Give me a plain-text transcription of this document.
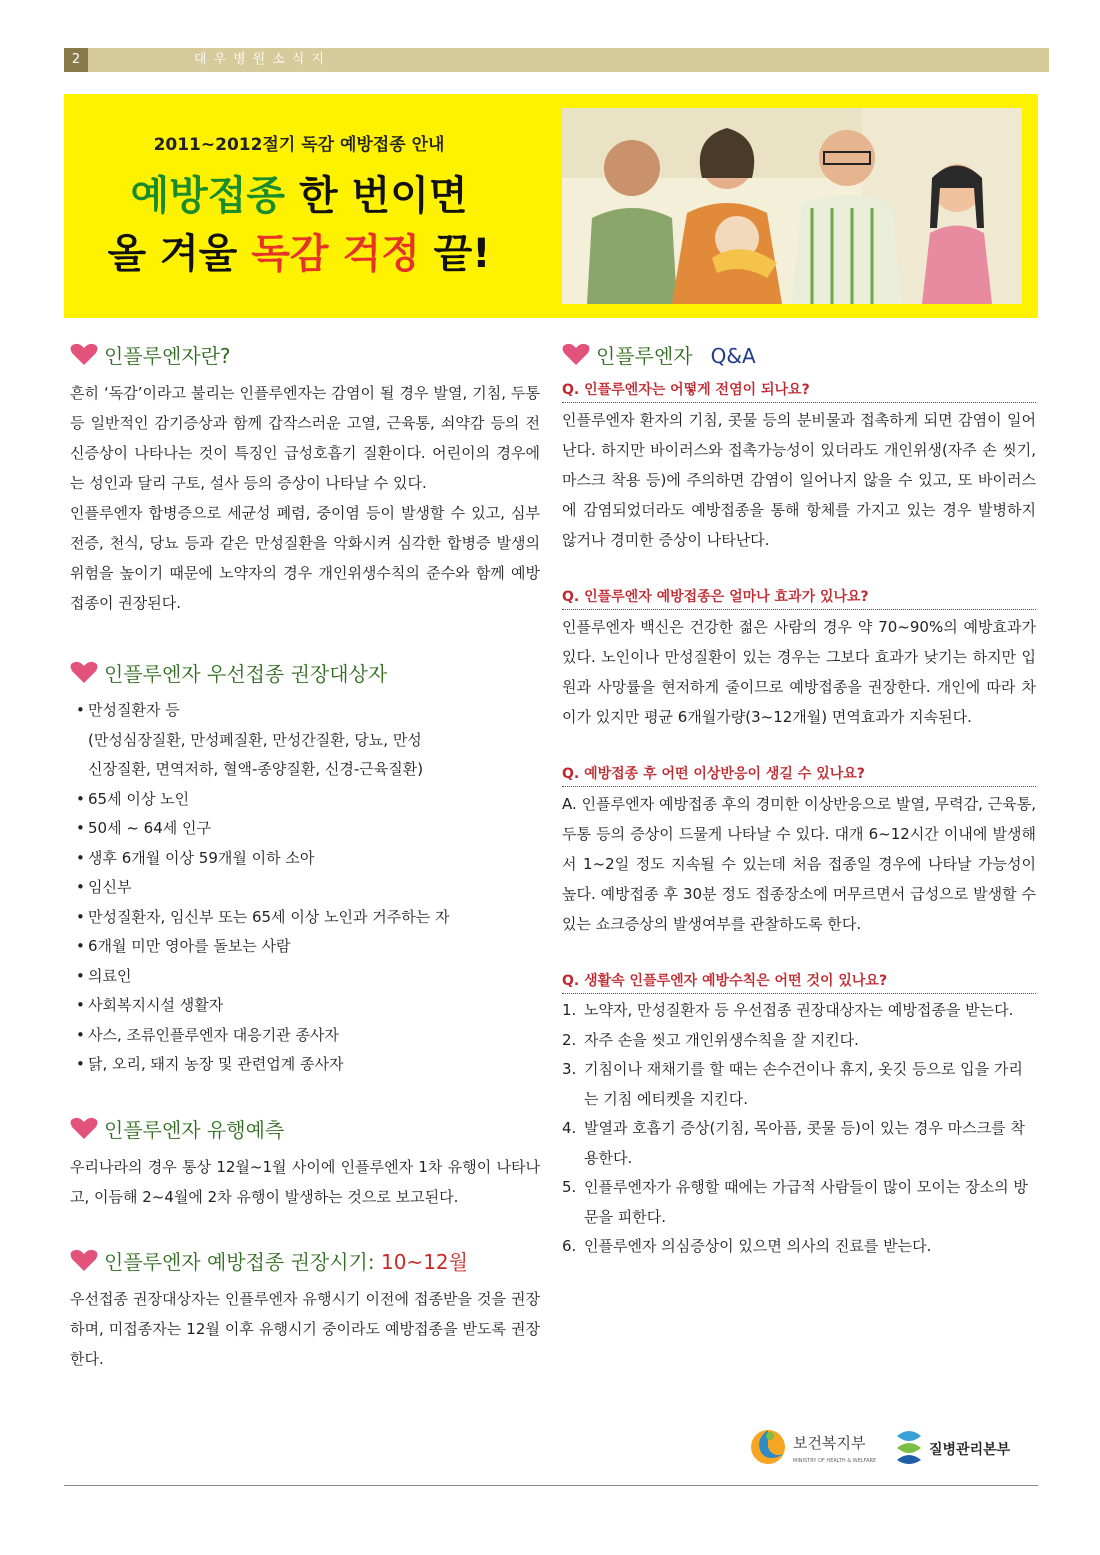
2	대우병원소식지
2011~2012절기 독감 예방접종 안내
예방접종 한 번이면
올 겨울 독감 걱정 끝!
인플루엔자란?

흔히 ‘독감’이라고 불리는 인플루엔자는 감염이 될 경우 발열, 기침, 두통 등 일반적인 감기증상과 함께 갑작스러운 고열, 근육통, 쇠약감 등의 전신증상이 나타나는 것이 특징인 급성호흡기 질환이다. 어린이의 경우에는 성인과 달리 구토, 설사 등의 증상이 나타날 수 있다.

인플루엔자 합병증으로 세균성 폐렴, 중이염 등이 발생할 수 있고, 심부전증, 천식, 당뇨 등과 같은 만성질환을 악화시켜 심각한 합병증 발생의 위험을 높이기 때문에 노약자의 경우 개인위생수칙의 준수와 함께 예방접종이 권장된다.

인플루엔자 우선접종 권장대상자
• 만성질환자 등
(만성심장질환, 만성폐질환, 만성간질환, 당뇨, 만성
신장질환, 면역저하, 혈액-종양질환, 신경-근육질환)
• 65세 이상 노인
• 50세 ~ 64세 인구
• 생후 6개월 이상 59개월 이하 소아
• 임신부
• 만성질환자, 임신부 또는 65세 이상 노인과 거주하는 자
• 6개월 미만 영아를 돌보는 사람
• 의료인
• 사회복지시설 생활자
• 사스, 조류인플루엔자 대응기관 종사자
• 닭, 오리, 돼지 농장 및 관련업계 종사자
인플루엔자 유행예측

우리나라의 경우 통상 12월~1월 사이에 인플루엔자 1차 유행이 나타나고, 이듬해 2~4월에 2차 유행이 발생하는 것으로 보고된다.

인플루엔자 예방접종 권장시기: 10~12월

우선접종 권장대상자는 인플루엔자 유행시기 이전에 접종받을 것을 권장하며, 미접종자는 12월 이후 유행시기 중이라도 예방접종을 받도록 권장한다.

인플루엔자 Q&A
Q. 인플루엔자는 어떻게 전염이 되나요?

인플루엔자 환자의 기침, 콧물 등의 분비물과 접촉하게 되면 감염이 일어난다. 하지만 바이러스와 접촉가능성이 있더라도 개인위생(자주 손 씻기, 마스크 착용 등)에 주의하면 감염이 일어나지 않을 수 있고, 또 바이러스에 감염되었더라도 예방접종을 통해 항체를 가지고 있는 경우 발병하지 않거나 경미한 증상이 나타난다.

Q. 인플루엔자 예방접종은 얼마나 효과가 있나요?

인플루엔자 백신은 건강한 젊은 사람의 경우 약 70~90%의 예방효과가 있다. 노인이나 만성질환이 있는 경우는 그보다 효과가 낮기는 하지만 입원과 사망률을 현저하게 줄이므로 예방접종을 권장한다. 개인에 따라 차이가 있지만 평균 6개월가량(3~12개월) 면역효과가 지속된다.

Q. 예방접종 후 어떤 이상반응이 생길 수 있나요?

A. 인플루엔자 예방접종 후의 경미한 이상반응으로 발열, 무력감, 근육통, 두통 등의 증상이 드물게 나타날 수 있다. 대개 6~12시간 이내에 발생해서 1~2일 정도 지속될 수 있는데 처음 접종일 경우에 나타날 가능성이 높다. 예방접종 후 30분 정도 접종장소에 머무르면서 급성으로 발생할 수 있는 쇼크증상의 발생여부를 관찰하도록 한다.

Q. 생활속 인플루엔자 예방수칙은 어떤 것이 있나요?
1. 노약자, 만성질환자 등 우선접종 권장대상자는 예방접종을 받는다.
2. 자주 손을 씻고 개인위생수칙을 잘 지킨다.
3. 기침이나 재채기를 할 때는 손수건이나 휴지, 옷깃 등으로 입을 가리는 기침 에티켓을 지킨다.
4. 발열과 호흡기 증상(기침, 목아픔, 콧물 등)이 있는 경우 마스크를 착용한다.
5. 인플루엔자가 유행할 때에는 가급적 사람들이 많이 모이는 장소의 방문을 피한다.
6. 인플루엔자 의심증상이 있으면 의사의 진료를 받는다.
보건복지부
MINISTRY OF HEALTH & WELFARE
질병관리본부
